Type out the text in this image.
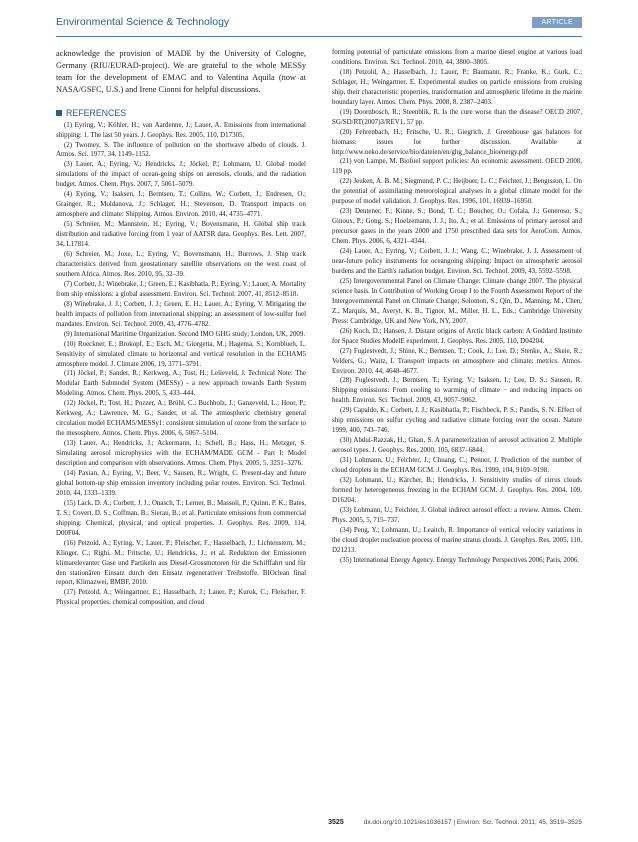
Environmental Science & Technology	ARTICLE

acknowledge the provision of MADE by the University of Cologne, Germany (RIU/EURAD-project). We are grateful to the whole MESSy team for the development of EMAC and to Valentina Aquila (now at NASA/GSFC, U.S.) and Irene Cionni for helpful discussions.

REFERENCES

(1) Eyring, V.; Köhler, H.; van Aardenne, J.; Lauer, A. Emissions from international shipping: 1. The last 50 years. J. Geophys. Res. 2005, 110, D17305.

(2) Twomey, S. The influence of pollution on the shortwave albedo of clouds. J. Atmos. Sci. 1977, 34, 1149–1152.

(3) Lauer, A.; Eyring, V.; Hendricks, J.; Jöckel, P.; Lohmann, U. Global model simulations of the impact of ocean-going ships on aerosols, clouds, and the radiation budget. Atmos. Chem. Phys. 2007, 7, 5061–5079.

(4) Eyring, V.; Isaksen, I.; Berntsen, T.; Collins, W.; Corbett, J.; Endresen, O.; Grainger, R.; Moldanova, J.; Schlager, H.; Stevenson, D. Transport impacts on atmosphere and climate: Shipping. Atmos. Environ. 2010, 44, 4735–4771.

(5) Schreier, M.; Mannstein, H.; Eyring, V.; Bovensmann, H. Global ship track distribution and radiative forcing from 1 year of AATSR data. Geophys. Res. Lett. 2007, 34, L17814.

(6) Schreier, M.; Joxe, L.; Eyring, V.; Bovensmann, H.; Burrows, J. Ship track characteristics derived from geostationary satellite observations on the west coast of southern Africa. Atmos. Res. 2010, 95, 32–39.

(7) Corbett, J.; Winebrake, J.; Green, E.; Kasibhatla, P.; Eyring, V.; Lauer, A. Mortality from ship emissions: a global assessment. Environ. Sci. Technol. 2007, 41, 8512–8518.

(8) Winebrake, J. J.; Corbett, J. J.; Green, E. H.; Lauer, A.; Eyring, V. Mitigating the health impacts of pollution from international shipping: an assessment of low-sulfur fuel mandates. Environ. Sci. Technol. 2009, 43, 4776–4782.

(9) International Maritime Organization. Second IMO GHG study; London, UK, 2009.

(10) Roeckner, E.; Brokopf, E.; Esch, M.; Giorgetta, M.; Hagema, S.; Kornblueh, L. Sensitivity of simulated climate to horizontal and vertical resolution in the ECHAM5 atmosphere model. J. Climate 2006, 19, 3771–3791.

(11) Jöckel, P.; Sander, R.; Kerkweg, A.; Tost, H.; Lelieveld, J. Technical Note: The Modular Earth Submodel System (MESSy) - a new approach towards Earth System Modeling. Atmos. Chem. Phys. 2005, 5, 433–444.

(12) Jöckel, P.; Tost, H.; Pozzer, A.; Brühl, C.; Buchholz, J.; Ganzeveld, L.; Hoor, P.; Kerkweg, A.; Lawrence, M. G.; Sander, et al. The atmospheric chemistry general circulation model ECHAM5/MESSy1: consistent simulation of ozone from the surface to the mesosphere. Atmos. Chem. Phys. 2006, 6, 5067–5104.

(13) Lauer, A.; Hendricks, J.; Ackermann, I.; Schell, B.; Hass, H.; Metzger, S. Simulating aerosol microphysics with the ECHAM/MADE GCM - Part I: Model description and comparison with observations. Atmos. Chem. Phys. 2005, 5, 3251–3276.

(14) Paxian, A.; Eyring, V.; Beer, V.; Sausen, R.; Wright, C. Present-day and future global bottom-up ship emission inventory including polar routes. Environ. Sci. Technol. 2010, 44, 1333–1339.

(15) Lack, D. A.; Corbett, J. J.; Onasch, T.; Lerner, B.; Massoli, P.; Quinn, P. K.; Bates, T. S.; Covert, D. S.; Coffman, B.; Sierau, B.; et al. Particulate emissions from commercial shipping: Chemical, physical, and optical properties. J. Geophys. Res. 2009, 114, D00F04.

(16) Petzold, A.; Eyring, V.; Lauer, P.; Fleischer, F.; Hasselbach, J.; Lichtenstern, M.; Klinger, C.; Righi, M.; Fritsche, U.; Hendricks, J.; et al. Reduktion der Emissionen klimarelevanter Gase und Partikeln aus Diesel-Grossmotoren für die Schifffahrt und für den stationären Einsatz durch den Einsatz regenerativer Treibstoffe. BIOclean final report, Klimazwei, BMBF, 2010.

(17) Petzold, A.; Weingartner, E.; Hasselbach, J.; Lauer, P.; Kurok, C.; Fleischer, F. Physical properties, chemical composition, and cloud

forming potential of particulate emissions from a marine diesel engine at various load conditions. Environ. Sci. Technol. 2010, 44, 3800–3805.

(18) Petzold, A.; Hasselbach, J.; Lauer, P.; Baumann, R.; Franke, K.; Gurk, C.; Schlager, H.; Weingartner, E. Experimental studies on particle emissions from cruising ship, their characteristic properties, transformation and atmospheric lifetime in the marine boundary layer. Atmos. Chem. Phys. 2008, 8, 2387–2403.

(19) Doornbosch, R.; Steenblik, R. Is the cure worse than the disease? OECD 2007, SG/SD/RT(2007)3/REV1, 57 pp.

(20) Fehrenbach, H.; Fritsche, U. R.; Giegrich, J. Greenhouse gas balances for biomass: issues for further discussion. Available at http://www.oeko.de/service/bio/dateien/en/ghg_balance_bioenergy.pdf

(21) von Lampe, M. Biofuel support policies: An economic assessment. OECD 2008, 119 pp.

(22) Jeuken, A. B. M.; Siegmund, P. C.; Heijboer, L. C.; Feichter, J.; Bengtsson, L. On the potential of assimilating meteorological analyses in a global climate model for the purpose of model validation. J. Geophys. Res. 1996, 101, 16939–16950.

(23) Dentener, F.; Kinne, S.; Bond, T. C.; Boucher, O.; Cofala, J.; Generoso, S.; Ginoux, P.; Gong, S.; Hoelzemann, J. J.; Ito, A.; et al. Emissions of primary aerosol and precursor gases in the years 2000 and 1750 prescribed data sets for AeroCom. Atmos. Chem. Phys. 2006, 6, 4321–4344.

(24) Lauer, A.; Eyring, V.; Corbett, J. J.; Wang, C.; Winebrake, J. J. Assessment of near-future policy instruments for oceangoing shipping: Impact on atmospheric aerosol burdens and the Earth's radiation budget. Environ. Sci. Technol. 2009, 43, 5592–5598.

(25) Intergovernmental Panel on Climate Change: Climate change 2007. The physical science basis. In Contribution of Working Group I to the Fourth Assessment Report of the Intergovernmental Panel on Climate Change; Solomon, S., Qin, D., Manning, M., Chen, Z., Marquis, M., Averyt, K. B., Tignor, M., Miller, H. L., Eds.; Cambridge University Press: Cambridge, UK and New York, NY, 2007.

(26) Koch, D.; Hansen, J. Distant origins of Arctic black carbon: A Goddard Institute for Space Studies ModelE experiment. J. Geophys. Res. 2005, 110, D04204.

(27) Fuglestvedt, J.; Shine, K.; Berntsen, T.; Cook, J.; Lee, D.; Stenke, A.; Skeie, R.; Velders, G.; Waitz, I. Transport impacts on atmosphere and climate: metrics. Atmos. Environ. 2010, 44, 4648–4677.

(28) Fuglestvedt, J.; Berntsen, T.; Eyring, V.; Isaksen, I.; Lee, D. S.; Sausen, R. Shipping emissions: From cooling to warming of climate − and reducing impacts on health. Environ. Sci. Technol. 2009, 43, 9057–9062.

(29) Capaldo, K.; Corbett, J. J.; Kasibhatla, P.; Fischbeck, P. S.; Pandis, S. N. Effect of ship emissions on sulfur cycling and radiative climate forcing over the ocean. Nature 1999, 400, 743–746.

(30) Abdul-Razzak, H.; Ghan, S. A parameterization of aerosol activation 2. Multiple aerosol types. J. Geophys. Res. 2000, 105, 6837–6844.

(31) Lohmann, U.; Feichter, J.; Chuang, C.; Penner, J. Prediction of the number of cloud droplets in the ECHAM GCM. J. Geophys. Res. 1999, 104, 9169–9198.

(32) Lohmann, U.; Kärcher, B.; Hendricks, J. Sensitivity studies of cirrus clouds formed by heterogeneous freezing in the ECHAM GCM. J. Geophys. Res. 2004, 109, D16204.

(33) Lohmann, U.; Feichter, J. Global indirect aerosol effect: a review. Atmos. Chem. Phys. 2005, 5, 715–737.

(34) Peng, Y.; Lohmann, U.; Leaitch, R. Importance of vertical velocity variations in the cloud droplet nucleation process of marine stratus clouds. J. Geophys. Res. 2005, 110, D21213.

(35) International Energy Agency. Energy Technology Perspectives 2006; Paris, 2006.

3525	dx.doi.org/10.1021/es1036157 | Environ. Sci. Technol. 2011, 45, 3519–3525
